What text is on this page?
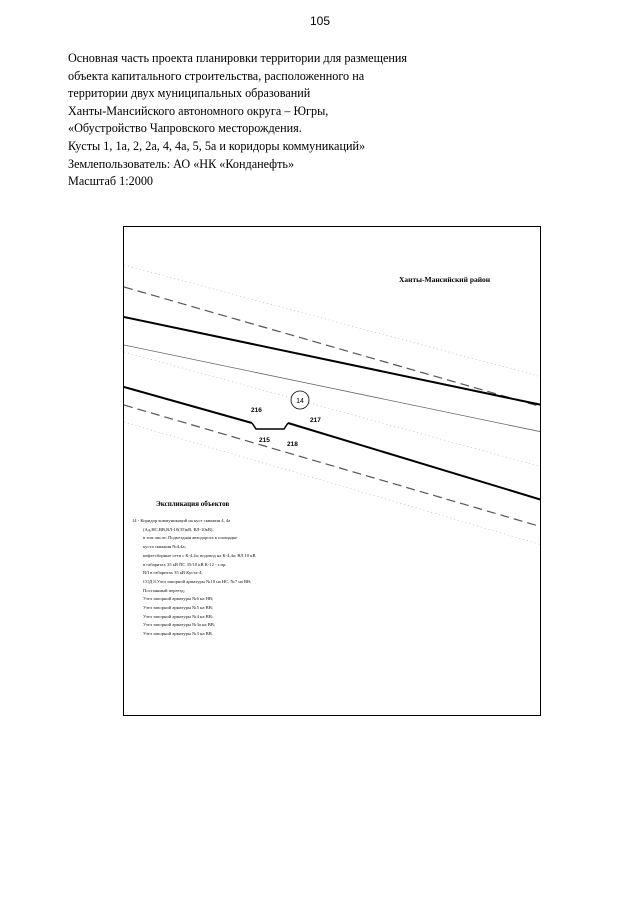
105
Основная часть проекта планировки территории для размещения
объекта капитального строительства, расположенного на
территории двух муниципальных образований
Ханты-Мансийского автономного округа – Югры,
«Обустройство Чапровского месторождения.
Кусты 1, 1а, 2, 2а, 4, 4а, 5, 5а и коридоры коммуникаций»
Землепользователь: АО «НК «Конданефть»
Масштаб 1:2000
14
Ханты-Мансийский район
216
217
215
218
Экспликация объектов
14 - Коридор коммуникаций на куст скважин 4, 4а
(Ад,НС,ВВ,ВЛ-10(35)кВ, ВЛ-10кВ),
в том числе: Подъездная автодорога к площадке
куста скважин №4,4а;
нефтесборные сети с К-4,4а; водовод на К-4,4а; ВЛ 10 кВ
в габаритах 35 кВ ПС 35/10 кВ К-12 - т.пр.
ВЛ в габаритах 35 кВ Куста-4;
СОД 8.Узел запорной арматуры №10 на НС, №7 на ВВ;
Постоянный переезд;
Узел запорной арматуры №6 на НВ;
Узел запорной арматуры №5 на ВВ;
Узел запорной арматуры №4 на ВВ;
Узел запорной арматуры №3а на ВВ;
Узел запорной арматуры №3 на ВВ.
